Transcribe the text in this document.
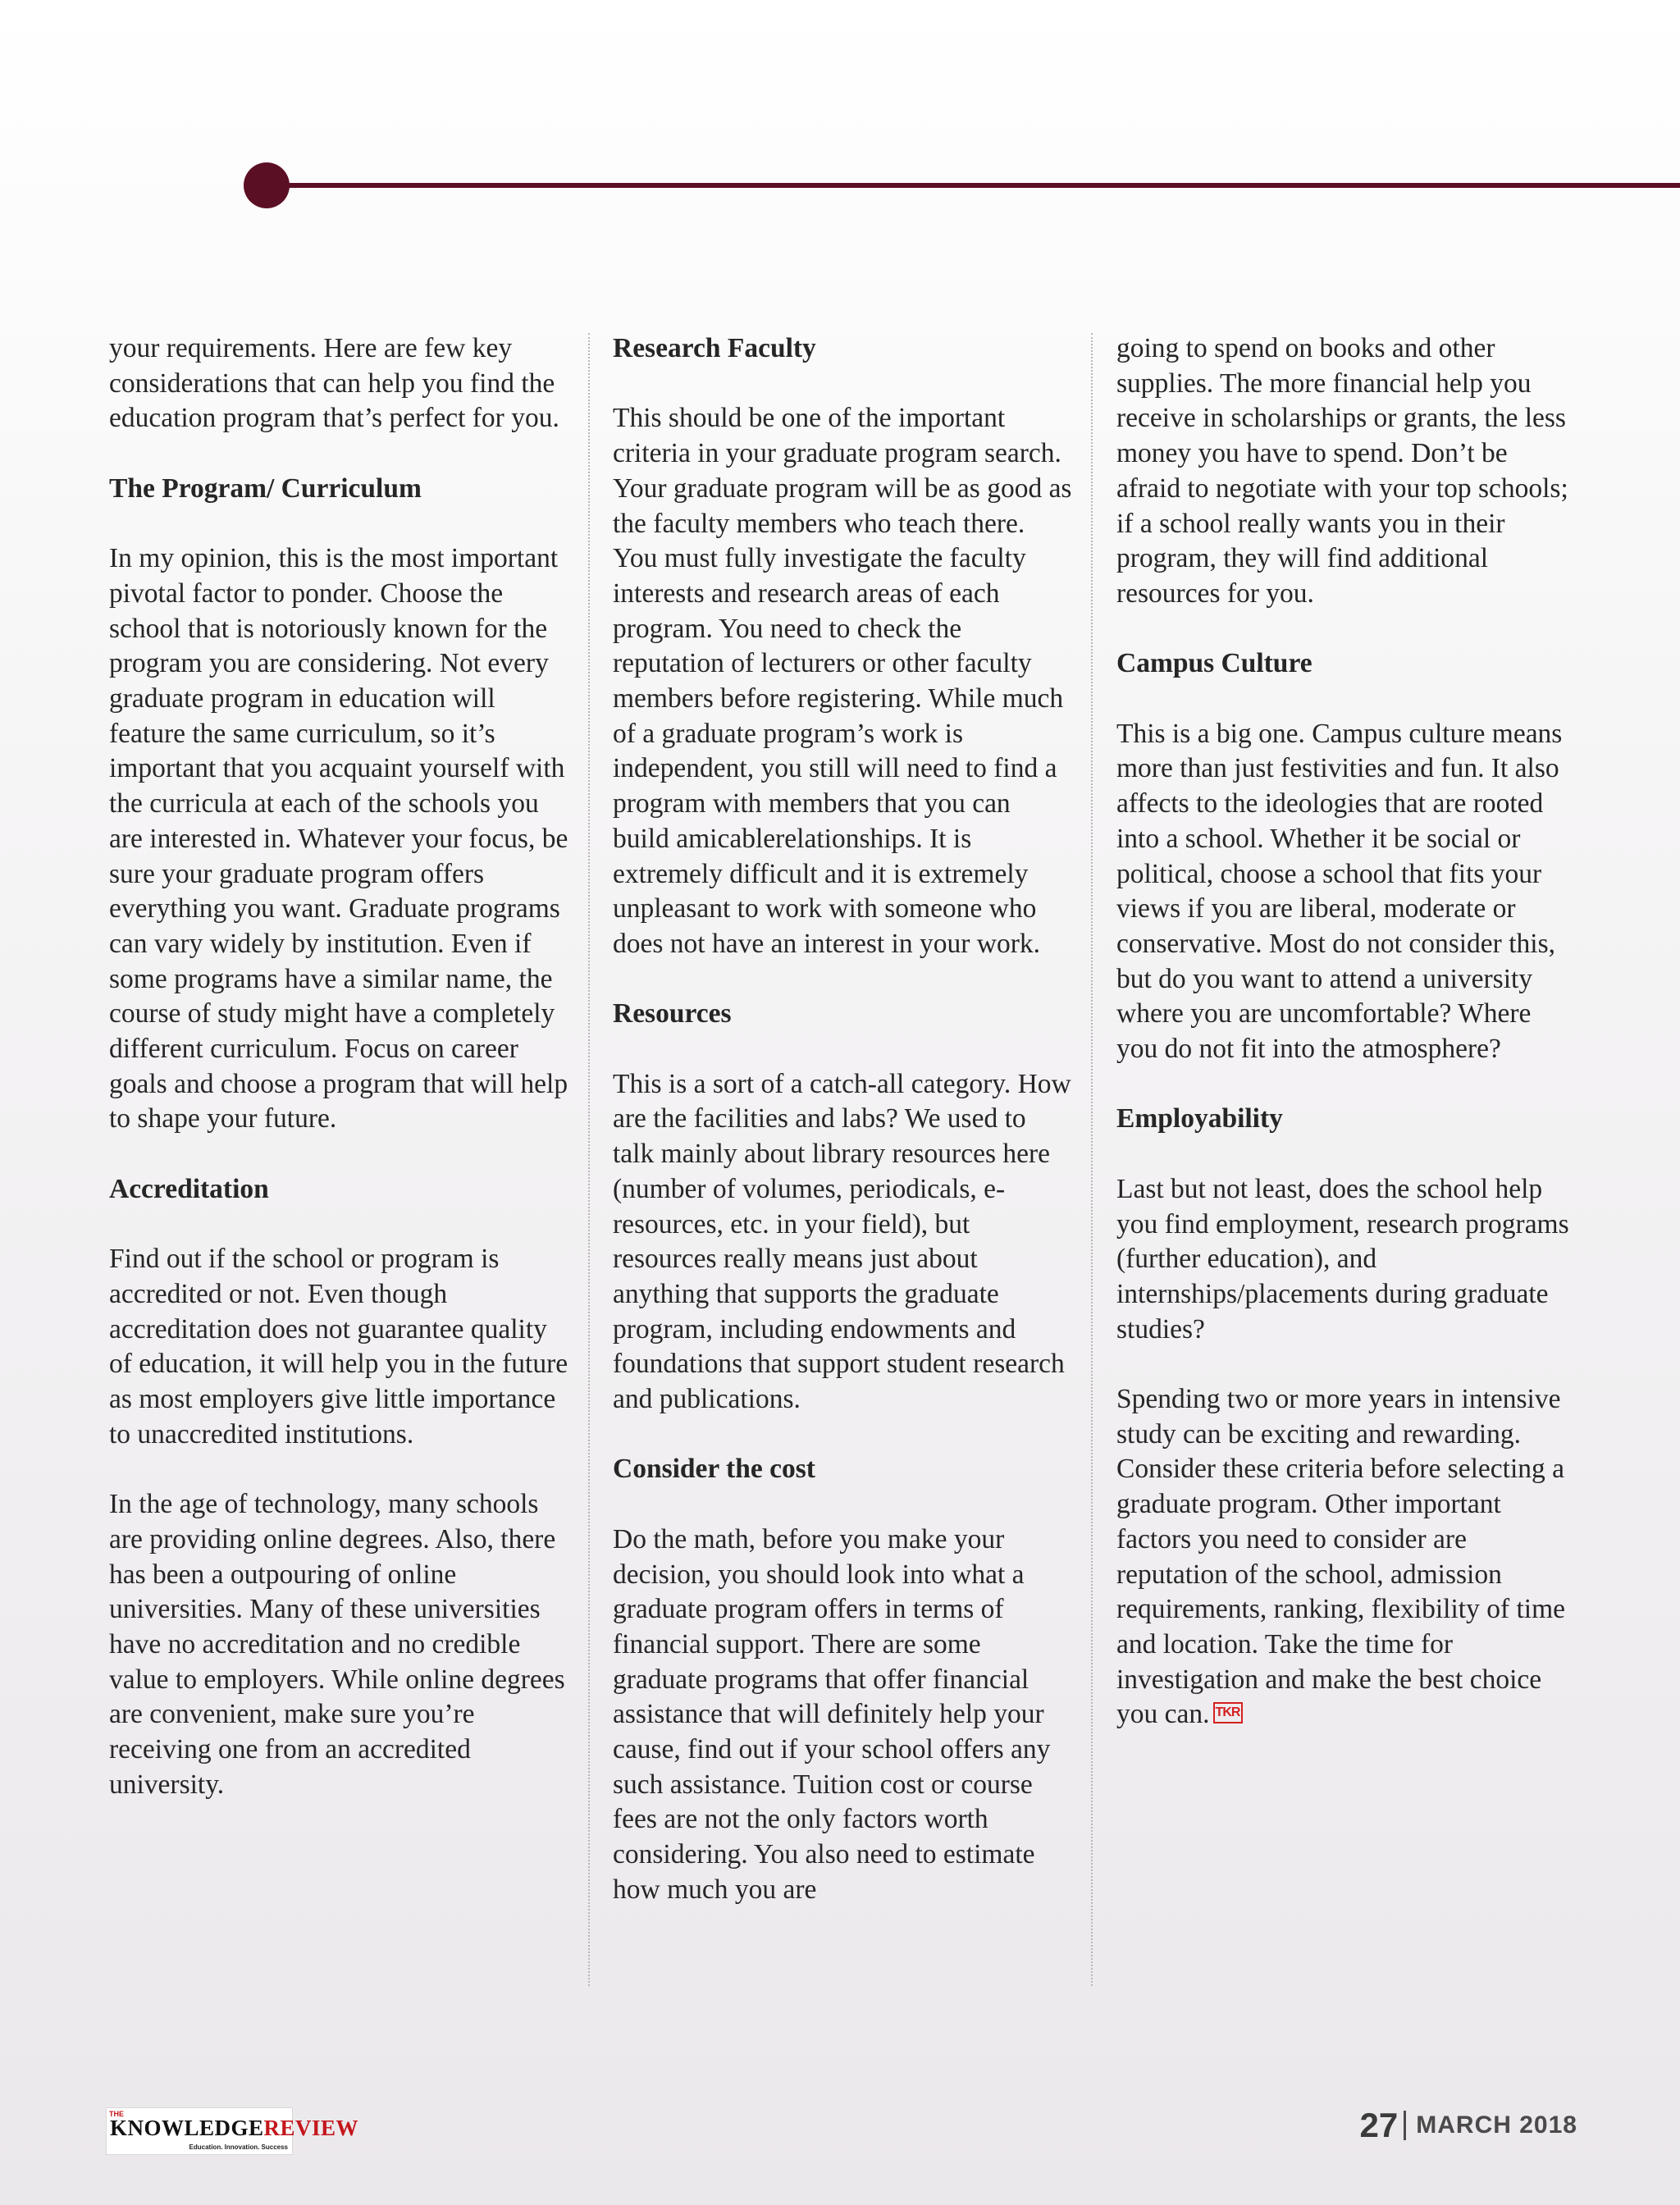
your requirements. Here are few key considerations that can help you find the education program that’s perfect for you.

The Program/ Curriculum

In my opinion, this is the most important pivotal factor to ponder. Choose the school that is notoriously known for the program you are considering. Not every graduate program in education will feature the same curriculum, so it’s important that you acquaint yourself with the curricula at each of the schools you are interested in. Whatever your focus, be sure your graduate program offers everything you want. Graduate programs can vary widely by institution. Even if some programs have a similar name, the course of study might have a completely different curriculum. Focus on career goals and choose a program that will help to shape your future.

Accreditation

Find out if the school or program is accredited or not. Even though accreditation does not guarantee quality of education, it will help you in the future as most employers give little importance to unaccredited institutions.

In the age of technology, many schools are providing online degrees. Also, there has been a outpouring of online universities. Many of these universities have no accreditation and no credible value to employers. While online degrees are convenient, make sure you’re receiving one from an accredited university.

Research Faculty

This should be one of the important criteria in your graduate program search. Your graduate program will be as good as the faculty members who teach there. You must fully investigate the faculty interests and research areas of each program. You need to check the reputation of lecturers or other faculty members before registering. While much of a graduate program’s work is independent, you still will need to find a program with members that you can build amicablerelationships. It is extremely difficult and it is extremely unpleasant to work with someone who does not have an interest in your work.

Resources

This is a sort of a catch-all category. How are the facilities and labs? We used to talk mainly about library resources here (number of volumes, periodicals, e- resources, etc. in your field), but resources really means just about anything that supports the graduate program, including endowments and foundations that support student research and publications.

Consider the cost

Do the math, before you make your decision, you should look into what a graduate program offers in terms of financial support. There are some graduate programs that offer financial assistance that will definitely help your cause, find out if your school offers any such assistance. Tuition cost or course fees are not the only factors worth considering. You also need to estimate how much you are

going to spend on books and other supplies. The more financial help you receive in scholarships or grants, the less money you have to spend. Don’t be afraid to negotiate with your top schools; if a school really wants you in their program, they will find additional resources for you.

Campus Culture

This is a big one. Campus culture means more than just festivities and fun. It also affects to the ideologies that are rooted into a school. Whether it be social or political, choose a school that fits your views if you are liberal, moderate or conservative. Most do not consider this, but do you want to attend a university where you are uncomfortable? Where you do not fit into the atmosphere?

Employability

Last but not least, does the school help you find employment, research programs (further education), and internships/placements during graduate studies?

Spending two or more years in intensive study can be exciting and rewarding. Consider these criteria before selecting a graduate program. Other important factors you need to consider are reputation of the school, admission requirements, ranking, flexibility of time and location. Take the time for investigation and make the best choice you can. TKR

THE
KNOWLEDGEREVIEW
Education. Innovation. Success
27 MARCH 2018
